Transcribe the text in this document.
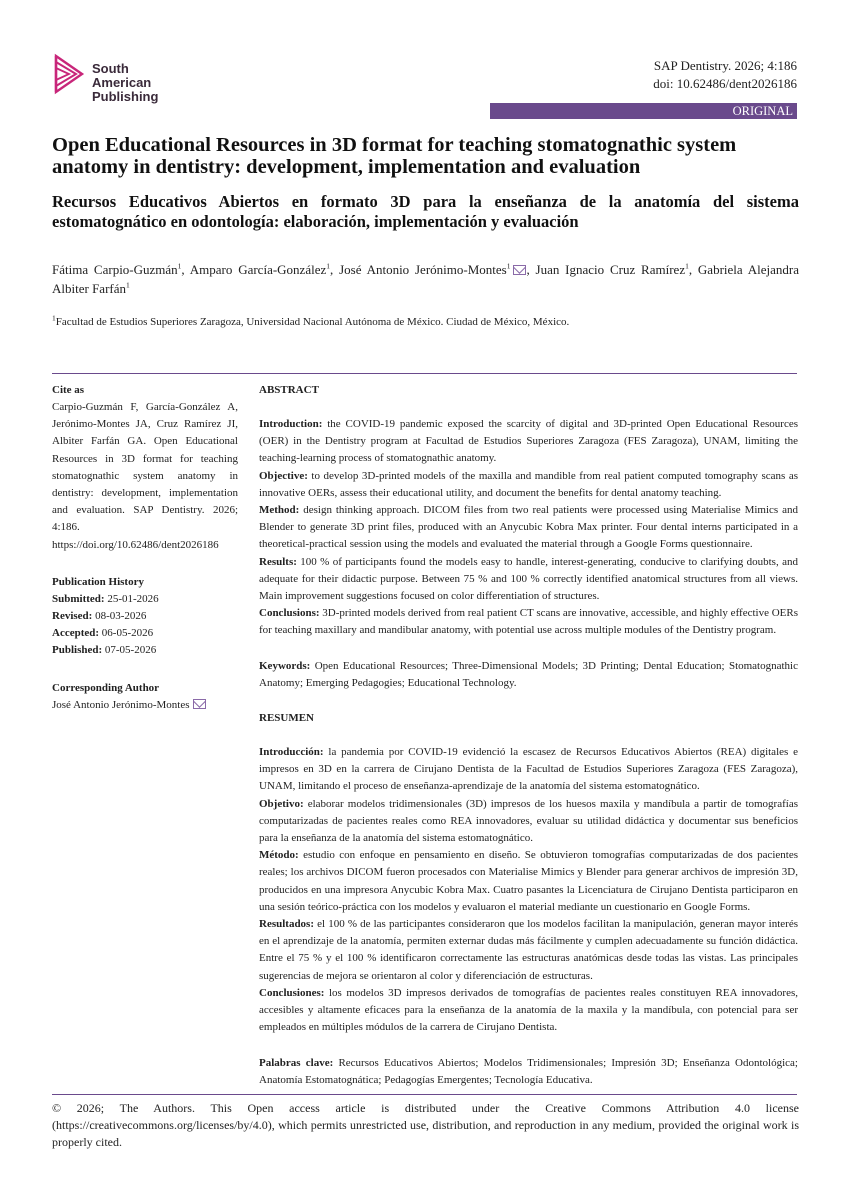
South
American
Publishing
SAP Dentistry. 2026; 4:186
doi: 10.62486/dent2026186
ORIGINAL
Open Educational Resources in 3D format for teaching stomatognathic system anatomy in dentistry: development, implementation and evaluation
Recursos Educativos Abiertos en formato 3D para la enseñanza de la anatomía del sistema estomatognático en odontología: elaboración, implementación y evaluación
Fátima Carpio-Guzmán$^1$, Amparo García-González$^1$, José Antonio Jerónimo-Montes$^1$ , Juan Ignacio Cruz Ramírez$^1$, Gabriela Alejandra Albiter Farfán$^1$
$^1$Facultad de Estudios Superiores Zaragoza, Universidad Nacional Autónoma de México. Ciudad de México, México.
Cite as

Carpio-Guzmán F, García-González A, Jerónimo-Montes JA, Cruz Ramírez JI, Albiter Farfán GA. Open Educational Resources in 3D format for teaching stomatognathic system anatomy in dentistry: development, implementation and evaluation. SAP Dentistry. 2026; 4:186. https://doi.org/10.62486/dent2026186

Publication History
Submitted: 25-01-2026
Revised: 08-03-2026
Accepted: 06-05-2026
Published: 07-05-2026
Corresponding Author
José Antonio Jerónimo-Montes
ABSTRACT

Introduction: the COVID-19 pandemic exposed the scarcity of digital and 3D-printed Open Educational Resources (OER) in the Dentistry program at Facultad de Estudios Superiores Zaragoza (FES Zaragoza), UNAM, limiting the teaching-learning process of stomatognathic anatomy.

Objective: to develop 3D-printed models of the maxilla and mandible from real patient computed tomography scans as innovative OERs, assess their educational utility, and document the benefits for dental anatomy teaching.

Method: design thinking approach. DICOM files from two real patients were processed using Materialise Mimics and Blender to generate 3D print files, produced with an Anycubic Kobra Max printer. Four dental interns participated in a theoretical-practical session using the models and evaluated the material through a Google Forms questionnaire.

Results: 100 % of participants found the models easy to handle, interest-generating, conducive to clarifying doubts, and adequate for their didactic purpose. Between 75 % and 100 % correctly identified anatomical structures from all views. Main improvement suggestions focused on color differentiation of structures.

Conclusions: 3D-printed models derived from real patient CT scans are innovative, accessible, and highly effective OERs for teaching maxillary and mandibular anatomy, with potential use across multiple modules of the Dentistry program.

Keywords: Open Educational Resources; Three-Dimensional Models; 3D Printing; Dental Education; Stomatognathic Anatomy; Emerging Pedagogies; Educational Technology.

RESUMEN

Introducción: la pandemia por COVID-19 evidenció la escasez de Recursos Educativos Abiertos (REA) digitales e impresos en 3D en la carrera de Cirujano Dentista de la Facultad de Estudios Superiores Zaragoza (FES Zaragoza), UNAM, limitando el proceso de enseñanza-aprendizaje de la anatomía del sistema estomatognático.

Objetivo: elaborar modelos tridimensionales (3D) impresos de los huesos maxila y mandíbula a partir de tomografías computarizadas de pacientes reales como REA innovadores, evaluar su utilidad didáctica y documentar sus beneficios para la enseñanza de la anatomía del sistema estomatognático.

Método: estudio con enfoque en pensamiento en diseño. Se obtuvieron tomografías computarizadas de dos pacientes reales; los archivos DICOM fueron procesados con Materialise Mimics y Blender para generar archivos de impresión 3D, producidos en una impresora Anycubic Kobra Max. Cuatro pasantes la Licenciatura de Cirujano Dentista participaron en una sesión teórico-práctica con los modelos y evaluaron el material mediante un cuestionario en Google Forms.

Resultados: el 100 % de las participantes consideraron que los modelos facilitan la manipulación, generan mayor interés en el aprendizaje de la anatomía, permiten externar dudas más fácilmente y cumplen adecuadamente su función didáctica. Entre el 75 % y el 100 % identificaron correctamente las estructuras anatómicas desde todas las vistas. Las principales sugerencias de mejora se orientaron al color y diferenciación de estructuras.

Conclusiones: los modelos 3D impresos derivados de tomografías de pacientes reales constituyen REA innovadores, accesibles y altamente eficaces para la enseñanza de la anatomía de la maxila y la mandíbula, con potencial para ser empleados en múltiples módulos de la carrera de Cirujano Dentista.

Palabras clave: Recursos Educativos Abiertos; Modelos Tridimensionales; Impresión 3D; Enseñanza Odontológica; Anatomía Estomatognática; Pedagogías Emergentes; Tecnología Educativa.

© 2026; The Authors. This Open access article is distributed under the Creative Commons Attribution 4.0 license (https://creativecommons.org/licenses/by/4.0), which permits unrestricted use, distribution, and reproduction in any medium, provided the original work is properly cited.
